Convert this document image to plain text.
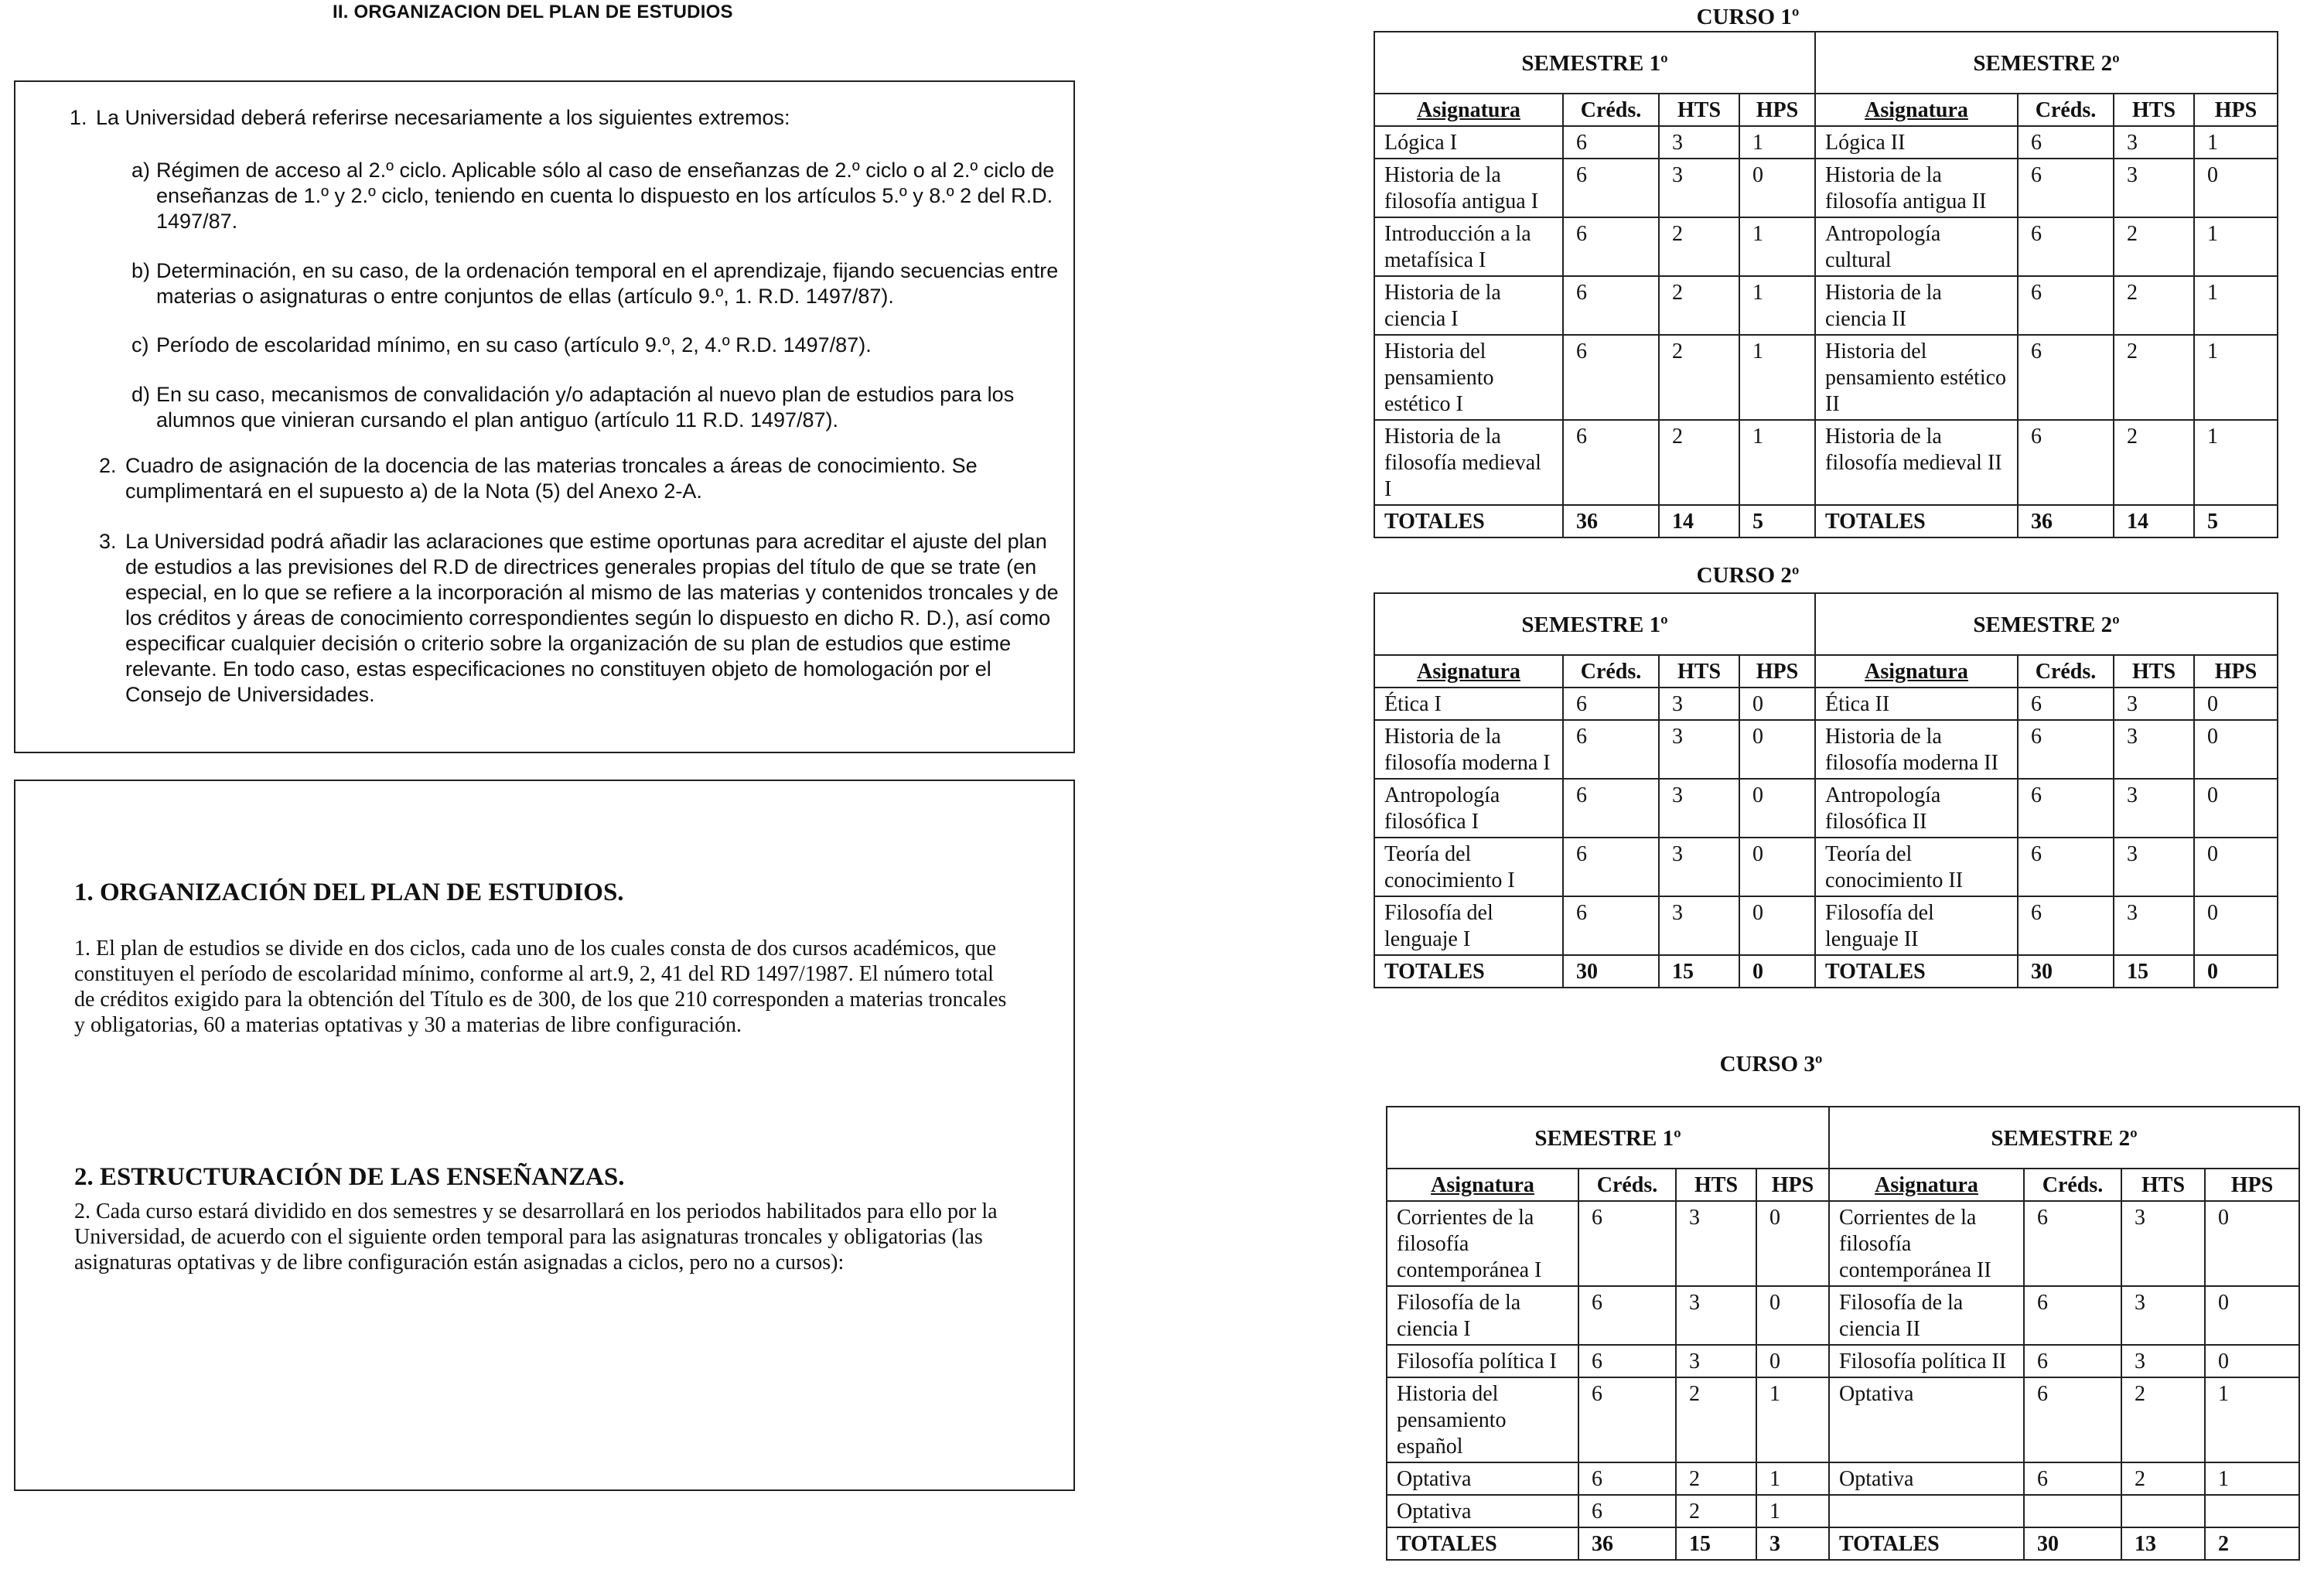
II. ORGANIZACION DEL PLAN DE ESTUDIOS
1. La Universidad deberá referirse necesariamente a los siguientes extremos:
a) Régimen de acceso al 2.º ciclo. Aplicable sólo al caso de enseñanzas de 2.º ciclo o al 2.º ciclo de enseñanzas de 1.º y 2.º ciclo, teniendo en cuenta lo dispuesto en los artículos 5.º y 8.º 2 del R.D. 1497/87.
b) Determinación, en su caso, de la ordenación temporal en el aprendizaje, fijando secuencias entre materias o asignaturas o entre conjuntos de ellas (artículo 9.º, 1. R.D. 1497/87).
c) Período de escolaridad mínimo, en su caso (artículo 9.º, 2, 4.º R.D. 1497/87).
d) En su caso, mecanismos de convalidación y/o adaptación al nuevo plan de estudios para los alumnos que vinieran cursando el plan antiguo (artículo 11 R.D. 1497/87).
2. Cuadro de asignación de la docencia de las materias troncales a áreas de conocimiento. Se cumplimentará en el supuesto a) de la Nota (5) del Anexo 2-A.
3. La Universidad podrá añadir las aclaraciones que estime oportunas para acreditar el ajuste del plan de estudios a las previsiones del R.D de directrices generales propias del título de que se trate (en especial, en lo que se refiere a la incorporación al mismo de las materias y contenidos troncales y de los créditos y áreas de conocimiento correspondientes según lo dispuesto en dicho R. D.), así como especificar cualquier decisión o criterio sobre la organización de su plan de estudios que estime relevante. En todo caso, estas especificaciones no constituyen objeto de homologación por el Consejo de Universidades.
1. ORGANIZACIÓN DEL PLAN DE ESTUDIOS.
1. El plan de estudios se divide en dos ciclos, cada uno de los cuales consta de dos cursos académicos, que constituyen el período de escolaridad mínimo, conforme al art.9, 2, 41 del RD 1497/1987. El número total de créditos exigido para la obtención del Título es de 300, de los que 210 corresponden a materias troncales y obligatorias, 60 a materias optativas y 30 a materias de libre configuración.
2. ESTRUCTURACIÓN DE LAS ENSEÑANZAS.
2. Cada curso estará dividido en dos semestres y se desarrollará en los periodos habilitados para ello por la Universidad, de acuerdo con el siguiente orden temporal para las asignaturas troncales y obligatorias (las asignaturas optativas y de libre configuración están asignadas a ciclos, pero no a cursos):
CURSO 1º
SEMESTRE 1º				SEMESTRE 2º			
Asignatura	Créds.	HTS	HPS	Asignatura	Créds.	HTS	HPS
Lógica I	6	3	1	Lógica II	6	3	1
Historia de la filosofía antigua I	6	3	0	Historia de la filosofía antigua II	6	3	0
Introducción a la metafísica I	6	2	1	Antropología cultural	6	2	1
Historia de la ciencia I	6	2	1	Historia de la ciencia II	6	2	1
Historia del pensamiento estético I	6	2	1	Historia del pensamiento estético II	6	2	1
Historia de la filosofía medieval I	6	2	1	Historia de la filosofía medieval II	6	2	1
TOTALES	36	14	5	TOTALES	36	14	5
CURSO 2º
SEMESTRE 1º				SEMESTRE 2º			
Asignatura	Créds.	HTS	HPS	Asignatura	Créds.	HTS	HPS
Ética I	6	3	0	Ética II	6	3	0
Historia de la filosofía moderna I	6	3	0	Historia de la filosofía moderna II	6	3	0
Antropología filosófica I	6	3	0	Antropología filosófica II	6	3	0
Teoría del conocimiento I	6	3	0	Teoría del conocimiento II	6	3	0
Filosofía del lenguaje I	6	3	0	Filosofía del lenguaje II	6	3	0
TOTALES	30	15	0	TOTALES	30	15	0
CURSO 3º
SEMESTRE 1º				SEMESTRE 2º			
Asignatura	Créds.	HTS	HPS	Asignatura	Créds.	HTS	HPS
Corrientes de la filosofía contemporánea I	6	3	0	Corrientes de la filosofía contemporánea II	6	3	0
Filosofía de la ciencia I	6	3	0	Filosofía de la ciencia II	6	3	0
Filosofía política I	6	3	0	Filosofía política II	6	3	0
Historia del pensamiento español	6	2	1	Optativa	6	2	1
Optativa	6	2	1	Optativa	6	2	1
Optativa	6	2	1				
TOTALES	36	15	3	TOTALES	30	13	2
